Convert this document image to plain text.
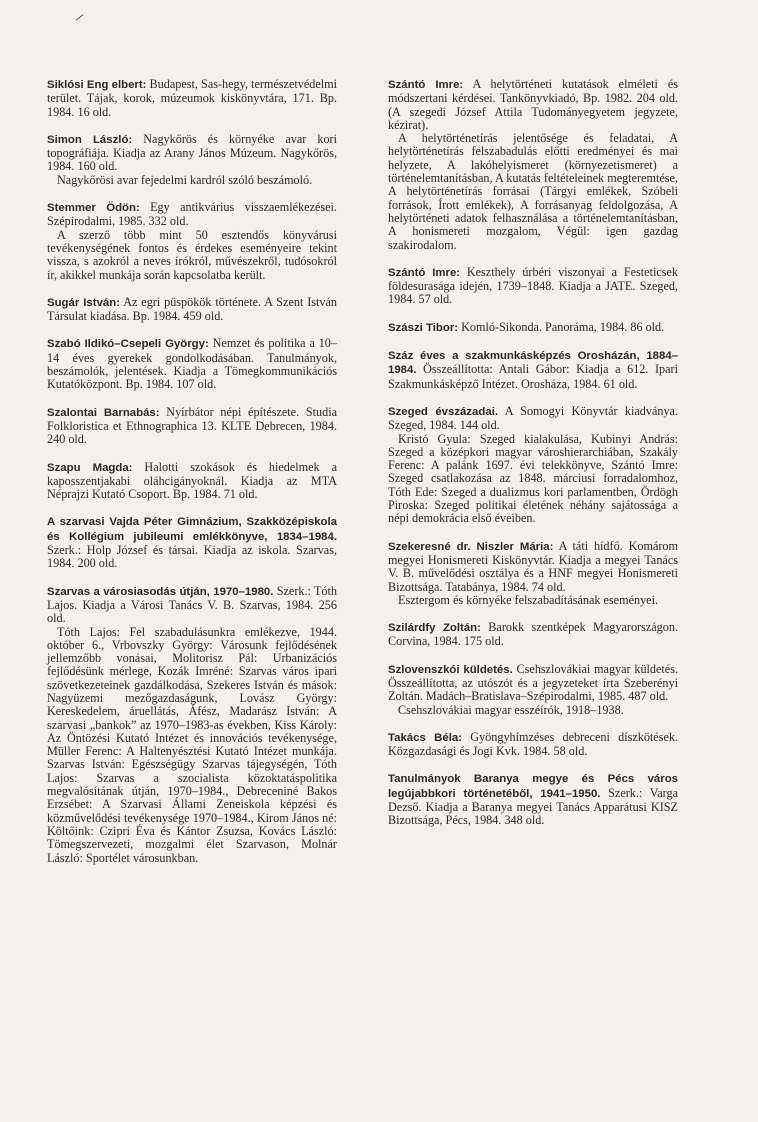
Siklósi Eng elbert: Budapest, Sas-hegy, természetvédelmi terület. Tájak, korok, múzeumok kiskönyvtára, 171. Bp. 1984. 16 old.

Simon László: Nagykőrös és környéke avar kori topográfiája. Kiadja az Arany János Múzeum. Nagykőrös, 1984. 160 old.

Nagykőrösi avar fejedelmi kardról szóló beszámoló.

Stemmer Ödön: Egy antikvárius visszaemlékezései. Szépirodalmi, 1985. 332 old.

A szerző több mint 50 esztendős könyvárusi tevékenységének fontos és érdekes eseményeire tekint vissza, s azokról a neves írókról, művészekről, tudósokról ír, akikkel munkája során kapcsolatba került.

Sugár István: Az egri püspökök története. A Szent István Társulat kiadása. Bp. 1984. 459 old.

Szabó Ildikó–Csepeli György: Nemzet és politika a 10–14 éves gyerekek gondolkodásában. Tanulmányok, beszámolók, jelentések. Kiadja a Tömegkommunikációs Kutatóközpont. Bp. 1984. 107 old.

Szalontai Barnabás: Nyírbátor népi építészete. Studia Folkloristica et Ethnographica 13. KLTE Debrecen, 1984. 240 old.

Szapu Magda: Halotti szokások és hiedelmek a kaposszentjakabi oláhcigányoknál. Kiadja az MTA Néprajzi Kutató Csoport. Bp. 1984. 71 old.

A szarvasi Vajda Péter Gimnázium, Szakközépiskola és Kollégium jubileumi emlékkönyve, 1834–1984. Szerk.: Holp József és társai. Kiadja az iskola. Szarvas, 1984. 200 old.

Szarvas a városiasodás útján, 1970–1980. Szerk.: Tóth Lajos. Kiadja a Városi Tanács V. B. Szarvas, 1984. 256 old.

Tóth Lajos: Fel szabadulásunkra emlékezve, 1944. október 6., Vrbovszky György: Városunk fejlődésének jellemzőbb vonásai, Molitorisz Pál: Urbanizációs fejlődésünk mérlege, Kozák Imréné: Szarvas város ipari szövetkezeteinek gazdálkodása, Szekeres István és mások: Nagyüzemi mezőgazdaságunk, Lovász György: Kereskedelem, áruellátás, Áfész, Madarász István: A szarvasi „bankok” az 1970–1983-as években, Kiss Károly: Az Öntözési Kutató Intézet és innovációs tevékenysége, Müller Ferenc: A Haltenyésztési Kutató Intézet munkája. Szarvas István: Egészségügy Szarvas tájegységén, Tóth Lajos: Szarvas a szocialista közoktatáspolitika megvalósítának útján, 1970–1984., Debreceniné Bakos Erzsébet: A Szarvasi Állami Zeneiskola képzési és közművelődési tevékenysége 1970–1984., Kirom János né: Költőink: Czipri Éva és Kántor Zsuzsa, Kovács László: Tömegszervezeti, mozgalmi élet Szarvason, Molnár László: Sportélet városunkban.

Szántó Imre: A helytörténeti kutatások elméleti és módszertani kérdései. Tankönyvkiadó, Bp. 1982. 204 old. (A szegedi József Attila Tudományegyetem jegyzete, kézirat).

A helytörténetírás jelentősége és feladatai, A helytörténetírás felszabadulás előtti eredményei és mai helyzete, A lakóhelyismeret (környezetismeret) a történelemtanításban, A kutatás feltételeinek megteremtése, A helytörténetírás forrásai (Tárgyi emlékek, Szóbeli források, Írott emlékek), A forrásanyag feldolgozása, A helytörténeti adatok felhasználása a történelemtanításban, A honismereti mozgalom, Végül: igen gazdag szakirodalom.

Szántó Imre: Keszthely úrbéri viszonyai a Festeticsek földesurasága idején, 1739–1848. Kiadja a JATE. Szeged, 1984. 57 old.

Szászi Tibor: Komló-Sikonda. Panoráma, 1984. 86 old.

Száz éves a szakmunkásképzés Orosházán, 1884–1984. Összeállította: Antali Gábor: Kiadja a 612. Ipari Szakmunkásképző Intézet. Orosháza, 1984. 61 old.

Szeged évszázadai. A Somogyi Könyvtár kiadványa. Szeged, 1984. 144 old.

Kristó Gyula: Szeged kialakulása, Kubinyi András: Szeged a középkori magyar városhierarchiában, Szakály Ferenc: A palánk 1697. évi telekkönyve, Szántó Imre: Szeged csatlakozása az 1848. márciusi forradalomhoz, Tóth Ede: Szeged a dualizmus kori parlamentben, Ördögh Piroska: Szeged politikai életének néhány sajátossága a népi demokrácia első éveiben.

Szekeresné dr. Niszler Mária: A táti hídfő. Komárom megyei Honismereti Kiskönyvtár. Kiadja a megyei Tanács V. B. művelődési osztálya és a HNF megyei Honismereti Bizottsága. Tatabánya, 1984. 74 old.

Esztergom és környéke felszabadításának eseményei.

Szilárdfy Zoltán: Barokk szentképek Magyarországon. Corvina, 1984. 175 old.

Szlovenszkói küldetés. Csehszlovákiai magyar küldetés. Összeállította, az utószót és a jegyzeteket írta Szeberényi Zoltán. Madách–Bratislava–Szépirodalmi, 1985. 487 old.

Csehszlovákiai magyar esszéírók, 1918–1938.

Takács Béla: Gyöngyhímzéses debreceni díszkötések. Közgazdasági és Jogi Kvk. 1984. 58 old.

Tanulmányok Baranya megye és Pécs város legújabbkori történetéből, 1941–1950. Szerk.: Varga Dezső. Kiadja a Baranya megyei Tanács Apparátusi KISZ Bizottsága, Pécs, 1984. 348 old.
